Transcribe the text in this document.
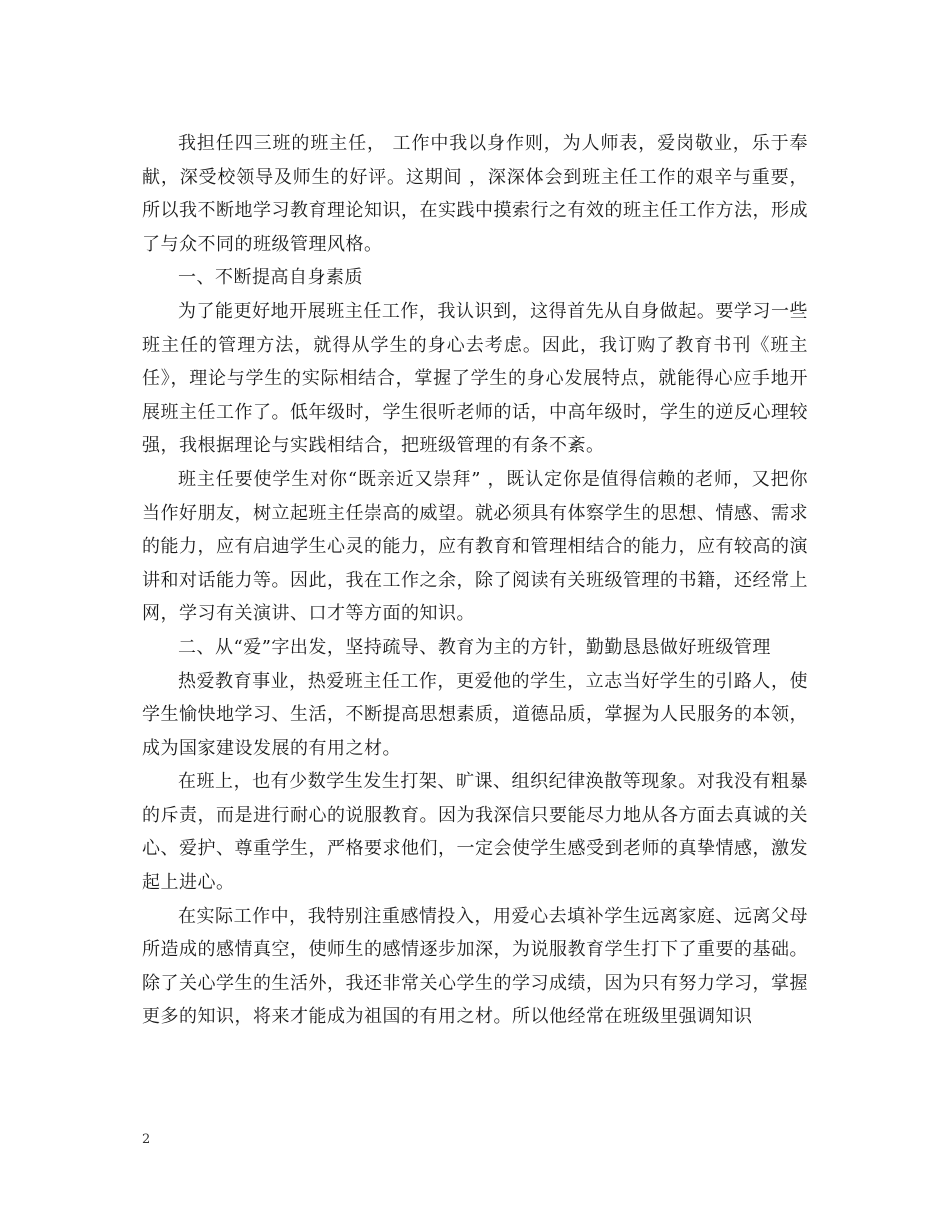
我担任四三班的班主任， 工作中我以身作则，为人师表，爱岗敬业，乐于奉献，深受校领导及师生的好评。这期间 ，深深体会到班主任工作的艰辛与重要，所以我不断地学习教育理论知识，在实践中摸索行之有效的班主任工作方法，形成了与众不同的班级管理风格。

一、不断提高自身素质

为了能更好地开展班主任工作，我认识到，这得首先从自身做起。要学习一些班主任的管理方法，就得从学生的身心去考虑。因此，我订购了教育书刊《班主任》，理论与学生的实际相结合，掌握了学生的身心发展特点，就能得心应手地开展班主任工作了。低年级时，学生很听老师的话，中高年级时，学生的逆反心理较强，我根据理论与实践相结合，把班级管理的有条不紊。

班主任要使学生对你“既亲近又崇拜” ，既认定你是值得信赖的老师，又把你当作好朋友，树立起班主任崇高的威望。就必须具有体察学生的思想、情感、需求的能力，应有启迪学生心灵的能力，应有教育和管理相结合的能力，应有较高的演讲和对话能力等。因此，我在工作之余，除了阅读有关班级管理的书籍，还经常上网，学习有关演讲、口才等方面的知识。

二、从“爱”字出发，坚持疏导、教育为主的方针，勤勤恳恳做好班级管理

热爱教育事业，热爱班主任工作，更爱他的学生，立志当好学生的引路人，使学生愉快地学习、生活，不断提高思想素质，道德品质，掌握为人民服务的本领，成为国家建设发展的有用之材。

在班上，也有少数学生发生打架、旷课、组织纪律涣散等现象。对我没有粗暴的斥责，而是进行耐心的说服教育。因为我深信只要能尽力地从各方面去真诚的关心、爱护、尊重学生，严格要求他们，一定会使学生感受到老师的真挚情感，激发起上进心。

在实际工作中，我特别注重感情投入，用爱心去填补学生远离家庭、远离父母所造成的感情真空，使师生的感情逐步加深，为说服教育学生打下了重要的基础。除了关心学生的生活外，我还非常关心学生的学习成绩，因为只有努力学习，掌握更多的知识，将来才能成为祖国的有用之材。所以他经常在班级里强调知识

2
